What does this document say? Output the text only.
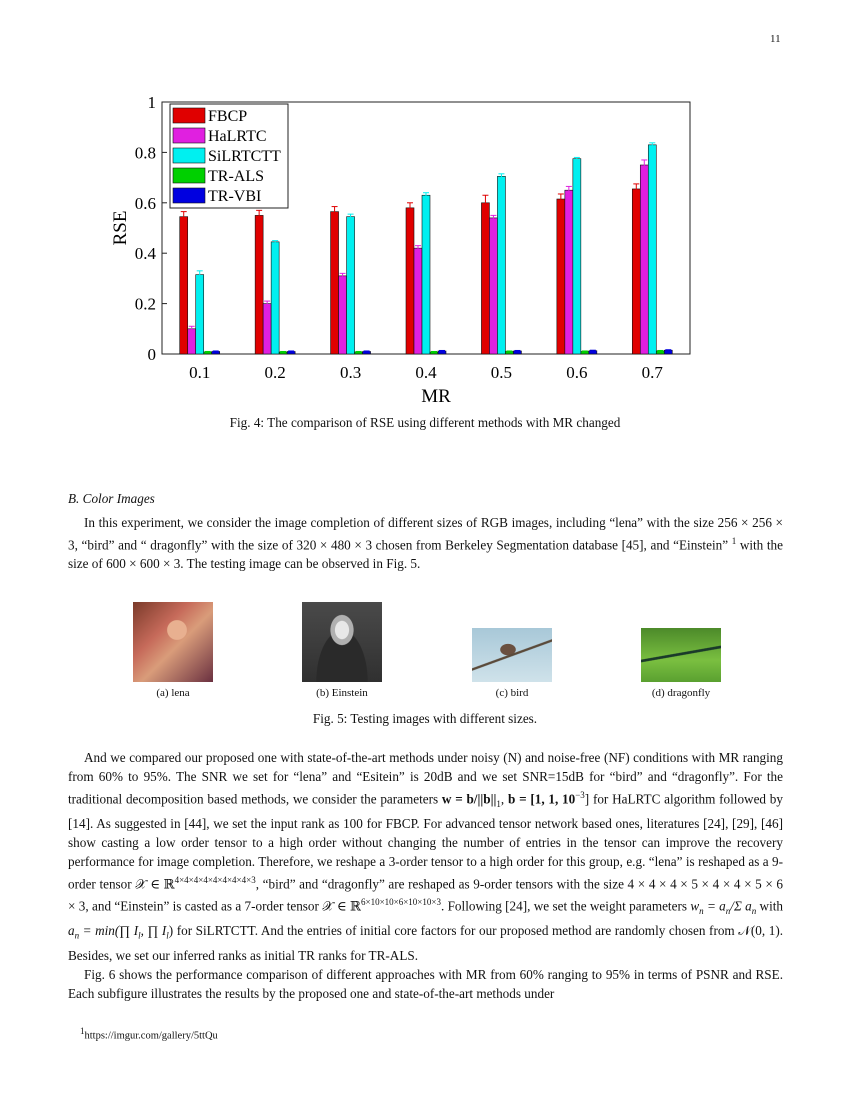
11
0
0.2
0.4
0.6
0.8
1
0.1	0.2	0.3	0.4	0.5	0.6	0.7
MR
RSE
FBCP
HaLRTC
SiLRTCTT
TR-ALS
TR-VBI
Fig. 4: The comparison of RSE using different methods with MR changed
B. Color Images

In this experiment, we consider the image completion of different sizes of RGB images, including “lena” with the size 256 × 256 × 3, “bird” and “ dragonfly” with the size of 320 × 480 × 3 chosen from Berkeley Segmentation database [45], and “Einstein” $^1$ with the size of 600 × 600 × 3. The testing image can be observed in Fig. 5.

(a) lena	(b) Einstein	(c) bird	(d) dragonfly
Fig. 5: Testing images with different sizes.

And we compared our proposed one with state-of-the-art methods under noisy (N) and noise-free (NF) conditions with MR ranging from 60% to 95%. The SNR we set for “lena” and “Esitein” is 20dB and we set SNR=15dB for “bird” and “dragonfly”. For the traditional decomposition based methods, we consider the parameters $w = b/||b||_1$, b = [1, 1, $10^{-3}$] for HaLRTC algorithm followed by [14]. As suggested in [44], we set the input rank as 100 for FBCP. For advanced tensor network based ones, literatures [24], [29], [46] show casting a low order tensor to a high order without changing the number of entries in the tensor can improve the recovery performance for image completion. Therefore, we reshape a 3-order tensor to a high order for this group, e.g. “lena” is reshaped as a 9-order tensor 𝒳 ∈ ℝ$^{4\times 4\times 4\times 4\times 4\times 4\times 4\times 4\times 3}$, “bird” and “dragonfly” are reshaped as 9-order tensors with the size 4 × 4 × 4 × 5 × 4 × 4 × 5 × 6 × 3, and “Einstein” is casted as a 7-order tensor 𝒳 ∈ ℝ$^{6\times 10\times 10\times 6\times 10\times 10\times 3}$. Following [24], we set the weight parameters $w_n = a_n/\Sigma$ $a_n$ with $a_n$ = min(∏ $I_l$, ∏ $I_l$) for SiLRTCTT. And the entries of initial core factors for our proposed method are randomly chosen from 𝒩(0, 1). Besides, we set our inferred ranks as initial TR ranks for TR-ALS.

Fig. 6 shows the performance comparison of different approaches with MR from 60% ranging to 95% in terms of PSNR and RSE. Each subfigure illustrates the results by the proposed one and state-of-the-art methods under

$^1$https://imgur.com/gallery/5ttQu
